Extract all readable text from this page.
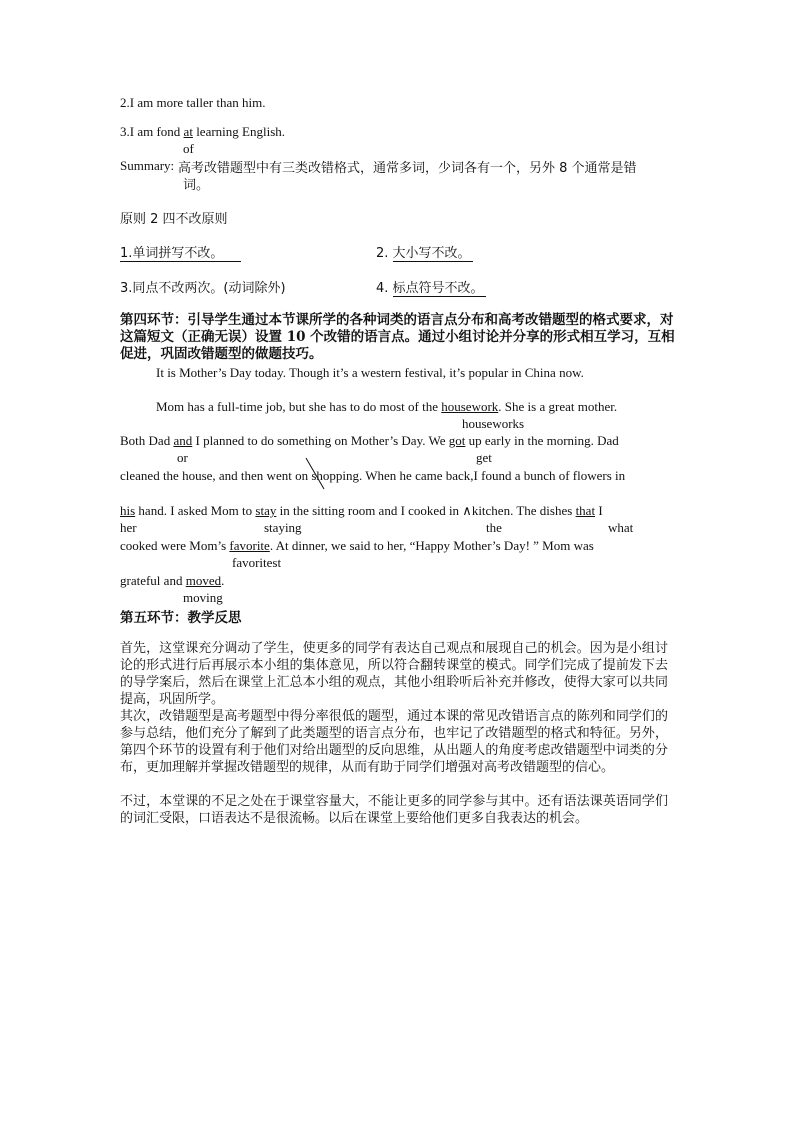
2.I am more taller than him.
3.I am fond at learning English.
of
Summary: 高考改错题型中有三类改错格式，通常多词，少词各有一个，另外 8 个通常是错
词。
原则 2 四不改原则
1.单词拼写不改。	2. 大小写不改。
3.同点不改两次。(动词除外)	4. 标点符号不改。
第四环节：引导学生通过本节课所学的各种词类的语言点分布和高考改错题型的格式要求，对这篇短文（正确无误）设置 10 个改错的语言点。通过小组讨论并分享的形式相互学习，互相促进，巩固改错题型的做题技巧。
It is Mother’s Day today. Though it’s a western festival, it’s popular in China now.
Mom has a full-time job, but she has to do most of the housework. She is a great mother.
houseworks
Both Dad and I planned to do something on Mother’s Day. We got up early in the morning. Dad
or	get
cleaned the house, and then went on shopping. When he came back,I found a bunch of flowers in
his hand. I asked Mom to stay in the sitting room and I cooked in ∧kitchen. The dishes that I
her	staying	the	what
cooked were Mom’s favorite. At dinner, we said to her, “Happy Mother’s Day! ” Mom was
favoritest
grateful and moved.
moving
第五环节：教学反思
首先，这堂课充分调动了学生，使更多的同学有表达自己观点和展现自己的机会。因为是小组讨论的形式进行后再展示本小组的集体意见，所以符合翻转课堂的模式。同学们完成了提前发下去的导学案后，然后在课堂上汇总本小组的观点，其他小组聆听后补充并修改，使得大家可以共同提高，巩固所学。
其次，改错题型是高考题型中得分率很低的题型，通过本课的常见改错语言点的陈列和同学们的参与总结，他们充分了解到了此类题型的语言点分布，也牢记了改错题型的格式和特征。另外，第四个环节的设置有利于他们对给出题型的反向思维，从出题人的角度考虑改错题型中词类的分布，更加理解并掌握改错题型的规律，从而有助于同学们增强对高考改错题型的信心。
不过，本堂课的不足之处在于课堂容量大，不能让更多的同学参与其中。还有语法课英语同学们的词汇受限，口语表达不是很流畅。以后在课堂上要给他们更多自我表达的机会。
